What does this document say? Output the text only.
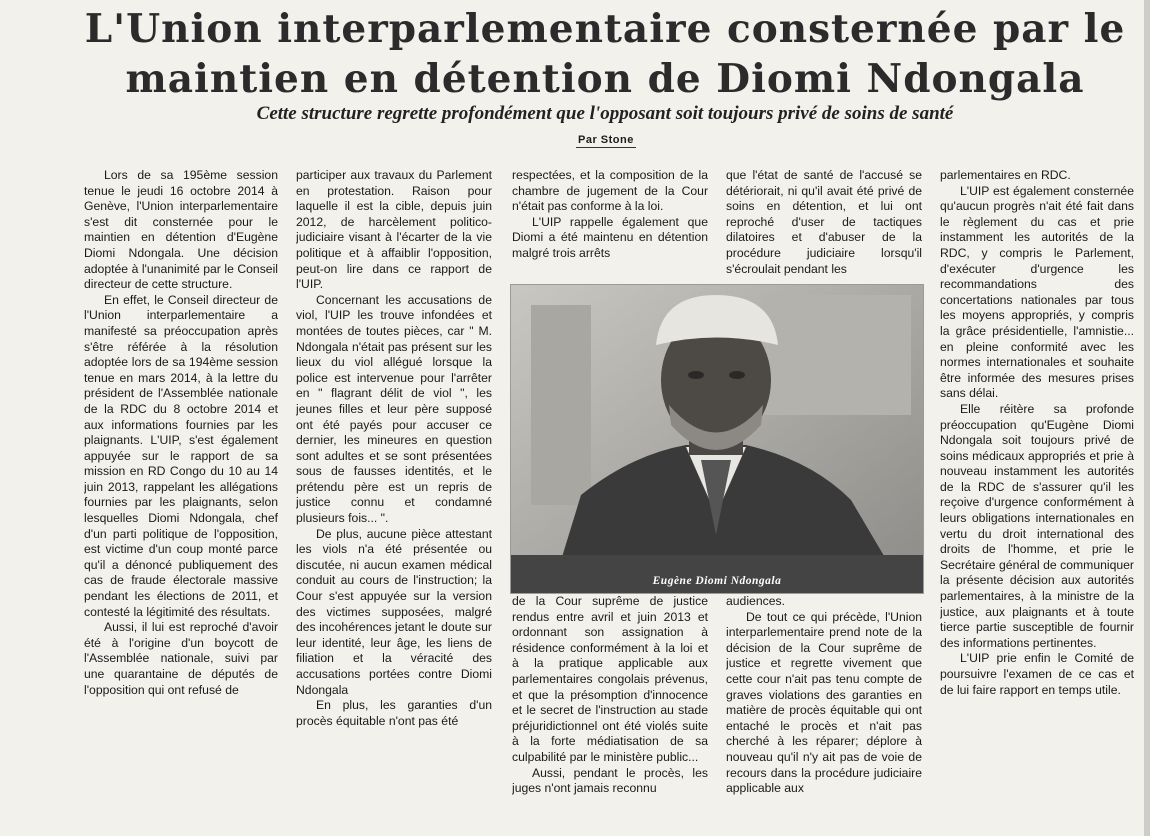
L'Union interparlementaire consternée par le maintien en détention de Diomi Ndongala
Cette structure regrette profondément que l'opposant soit toujours privé de soins de santé
Par Stone

Lors de sa 195ème session tenue le jeudi 16 octobre 2014 à Genève, l'Union interparlementaire s'est dit consternée pour le maintien en détention d'Eugène Diomi Ndongala. Une décision adoptée à l'unanimité par le Conseil directeur de cette structure.

En effet, le Conseil directeur de l'Union interparlementaire a manifesté sa préoccupation après s'être référée à la résolution adoptée lors de sa 194ème session tenue en mars 2014, à la lettre du président de l'Assemblée nationale de la RDC du 8 octobre 2014 et aux informations fournies par les plaignants. L'UIP, s'est également appuyée sur le rapport de sa mission en RD Congo du 10 au 14 juin 2013, rappelant les allégations fournies par les plaignants, selon lesquelles Diomi Ndongala, chef d'un parti politique de l'opposition, est victime d'un coup monté parce qu'il a dénoncé publiquement des cas de fraude électorale massive pendant les élections de 2011, et contesté la légitimité des résultats.

Aussi, il lui est reproché d'avoir été à l'origine d'un boycott de l'Assemblée nationale, suivi par une quarantaine de députés de l'opposition qui ont refusé de

participer aux travaux du Parlement en protestation. Raison pour laquelle il est la cible, depuis juin 2012, de harcèlement politico-judiciaire visant à l'écarter de la vie politique et à affaiblir l'opposition, peut-on lire dans ce rapport de l'UIP.

Concernant les accusations de viol, l'UIP les trouve infondées et montées de toutes pièces, car " M. Ndongala n'était pas présent sur les lieux du viol allégué lorsque la police est intervenue pour l'arrêter en " flagrant délit de viol ", les jeunes filles et leur père supposé ont été payés pour accuser ce dernier, les mineures en question sont adultes et se sont présentées sous de fausses identités, et le prétendu père est un repris de justice connu et condamné plusieurs fois... ".

De plus, aucune pièce attestant les viols n'a été présentée ou discutée, ni aucun examen médical conduit au cours de l'instruction; la Cour s'est appuyée sur la version des victimes supposées, malgré des incohérences jetant le doute sur leur identité, leur âge, les liens de filiation et la véracité des accusations portées contre Diomi Ndongala

En plus, les garanties d'un procès équitable n'ont pas été

respectées, et la composition de la chambre de jugement de la Cour n'était pas conforme à la loi.

L'UIP rappelle également que Diomi a été maintenu en détention malgré trois arrêts

que l'état de santé de l'accusé se détériorait, ni qu'il avait été privé de soins en détention, et lui ont reproché d'user de tactiques dilatoires et d'abuser de la procédure judiciaire lorsqu'il s'écroulait pendant les

Eugène Diomi Ndongala

parlementaires en RDC.

L'UIP est également consternée qu'aucun progrès n'ait été fait dans le règlement du cas et prie instamment les autorités de la RDC, y compris le Parlement, d'exécuter d'urgence les recommandations des concertations nationales par tous les moyens appropriés, y compris la grâce présidentielle, l'amnistie... en pleine conformité avec les normes internationales et souhaite être informée des mesures prises sans délai.

Elle réitère sa profonde préoccupation qu'Eugène Diomi Ndongala soit toujours privé de soins médicaux appropriés et prie à nouveau instamment les autorités de la RDC de s'assurer qu'il les reçoive d'urgence conformément à leurs obligations internationales en vertu du droit international des droits de l'homme, et prie le Secrétaire général de communiquer la présente décision aux autorités parlementaires, à la ministre de la justice, aux plaignants et à toute tierce partie susceptible de fournir des informations pertinentes.

L'UIP prie enfin le Comité de poursuivre l'examen de ce cas et de lui faire rapport en temps utile.

de la Cour suprême de justice rendus entre avril et juin 2013 et ordonnant son assignation à résidence conformément à la loi et à la pratique applicable aux parlementaires congolais prévenus, et que la présomption d'innocence et le secret de l'instruction au stade préjuridictionnel ont été violés suite à la forte médiatisation de sa culpabilité par le ministère public...

Aussi, pendant le procès, les juges n'ont jamais reconnu

audiences.

De tout ce qui précède, l'Union interparlementaire prend note de la décision de la Cour suprême de justice et regrette vivement que cette cour n'ait pas tenu compte de graves violations des garanties en matière de procès équitable qui ont entaché le procès et n'ait pas cherché à les réparer; déplore à nouveau qu'il n'y ait pas de voie de recours dans la procédure judiciaire applicable aux
